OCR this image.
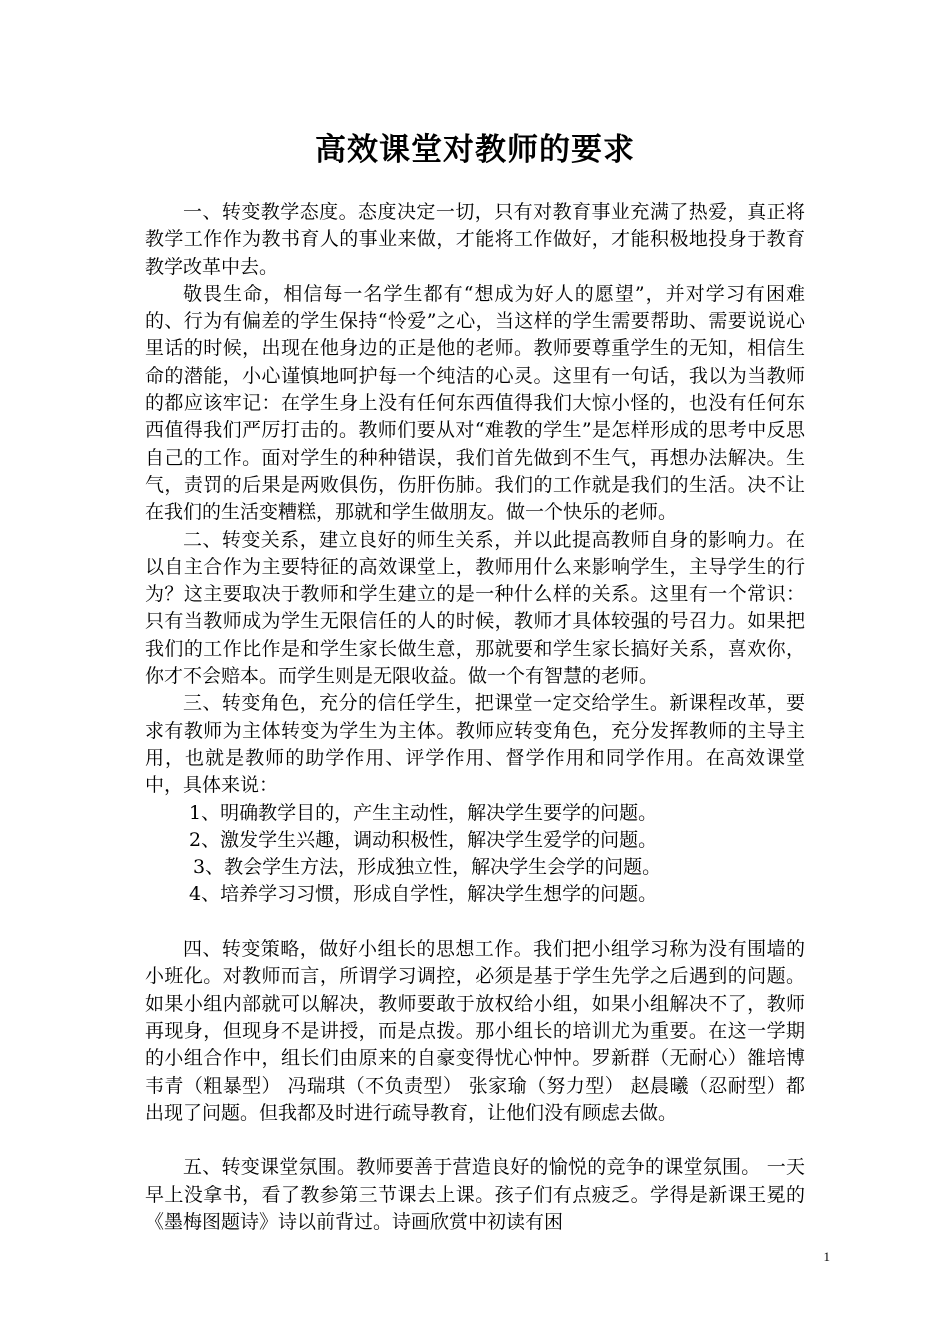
高效课堂对教师的要求

一、转变教学态度。态度决定一切，只有对教育事业充满了热爱，真正将教学工作作为教书育人的事业来做，才能将工作做好，才能积极地投身于教育教学改革中去。

敬畏生命，相信每一名学生都有“想成为好人的愿望”，并对学习有困难的、行为有偏差的学生保持“怜爱”之心，当这样的学生需要帮助、需要说说心里话的时候，出现在他身边的正是他的老师。教师要尊重学生的无知，相信生命的潜能，小心谨慎地呵护每一个纯洁的心灵。这里有一句话，我以为当教师的都应该牢记：在学生身上没有任何东西值得我们大惊小怪的，也没有任何东西值得我们严厉打击的。教师们要从对“难教的学生”是怎样形成的思考中反思自己的工作。面对学生的种种错误，我们首先做到不生气，再想办法解决。生气，责罚的后果是两败俱伤，伤肝伤肺。我们的工作就是我们的生活。决不让在我们的生活变糟糕，那就和学生做朋友。做一个快乐的老师。

二、转变关系，建立良好的师生关系，并以此提高教师自身的影响力。在以自主合作为主要特征的高效课堂上，教师用什么来影响学生，主导学生的行为？这主要取决于教师和学生建立的是一种什么样的关系。这里有一个常识：只有当教师成为学生无限信任的人的时候，教师才具体较强的号召力。如果把我们的工作比作是和学生家长做生意，那就要和学生家长搞好关系，喜欢你，你才不会赔本。而学生则是无限收益。做一个有智慧的老师。

三、转变角色，充分的信任学生，把课堂一定交给学生。新课程改革，要求有教师为主体转变为学生为主体。教师应转变角色，充分发挥教师的主导主用，也就是教师的助学作用、评学作用、督学作用和同学作用。在高效课堂中，具体来说：

1、明确教学目的，产生主动性，解决学生要学的问题。

2、激发学生兴趣，调动积极性，解决学生爱学的问题。

3、教会学生方法，形成独立性，解决学生会学的问题。

4、培养学习习惯，形成自学性，解决学生想学的问题。

四、转变策略，做好小组长的思想工作。我们把小组学习称为没有围墙的小班化。对教师而言，所谓学习调控，必须是基于学生先学之后遇到的问题。如果小组内部就可以解决，教师要敢于放权给小组，如果小组解决不了，教师再现身，但现身不是讲授，而是点拨。那小组长的培训尤为重要。在这一学期的小组合作中，组长们由原来的自豪变得忧心忡忡。罗新群（无耐心）雒培博 韦青（粗暴型） 冯瑞琪（不负责型） 张家瑜（努力型） 赵晨曦（忍耐型）都出现了问题。但我都及时进行疏导教育，让他们没有顾虑去做。

五、转变课堂氛围。教师要善于营造良好的愉悦的竞争的课堂氛围。 一天早上没拿书，看了教参第三节课去上课。孩子们有点疲乏。学得是新课王冕的《墨梅图题诗》诗以前背过。诗画欣赏中初读有困

1
